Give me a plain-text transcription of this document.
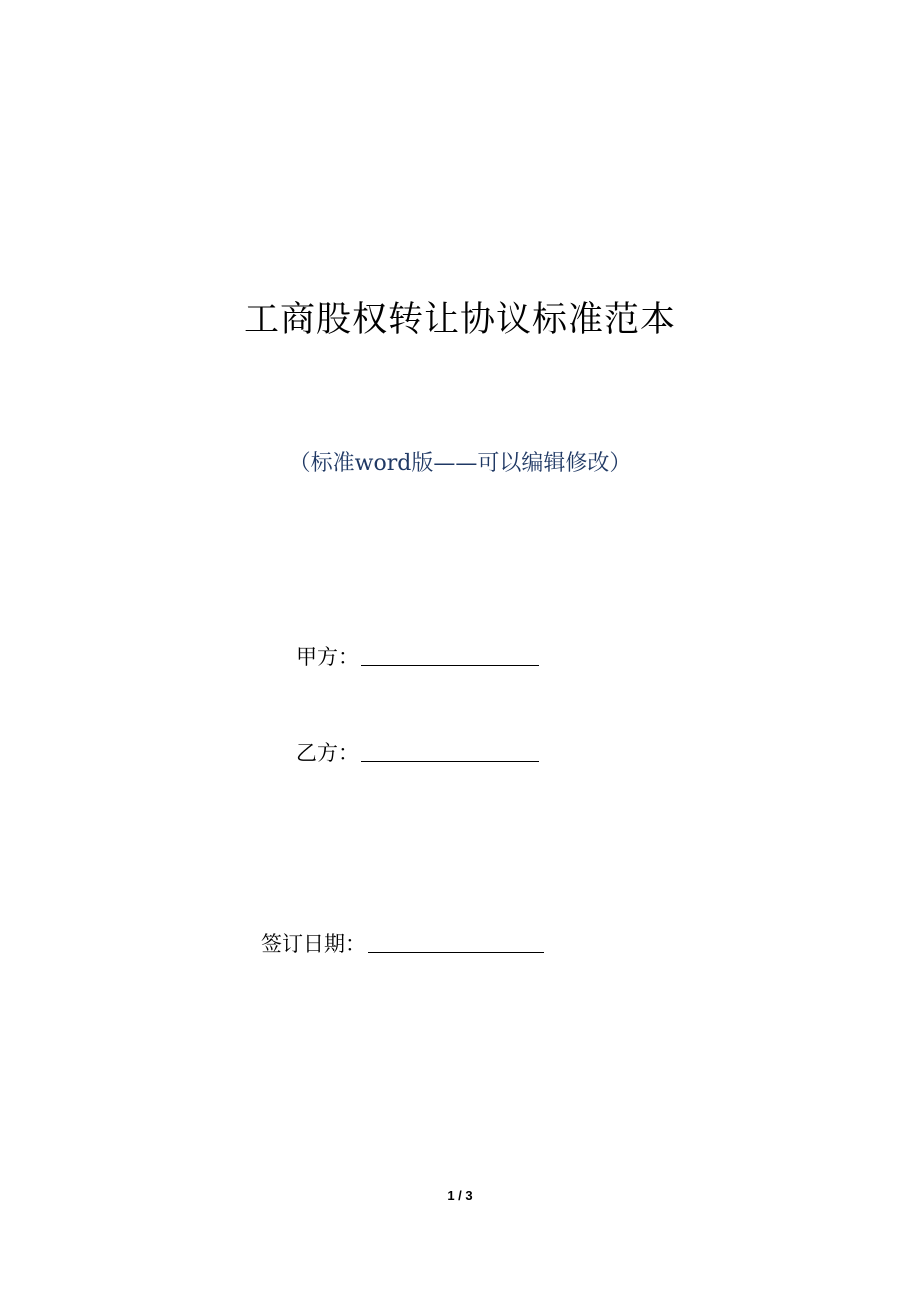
工商股权转让协议标准范本
（标准word版——可以编辑修改）
甲方：
乙方：
签订日期：
1 / 3
